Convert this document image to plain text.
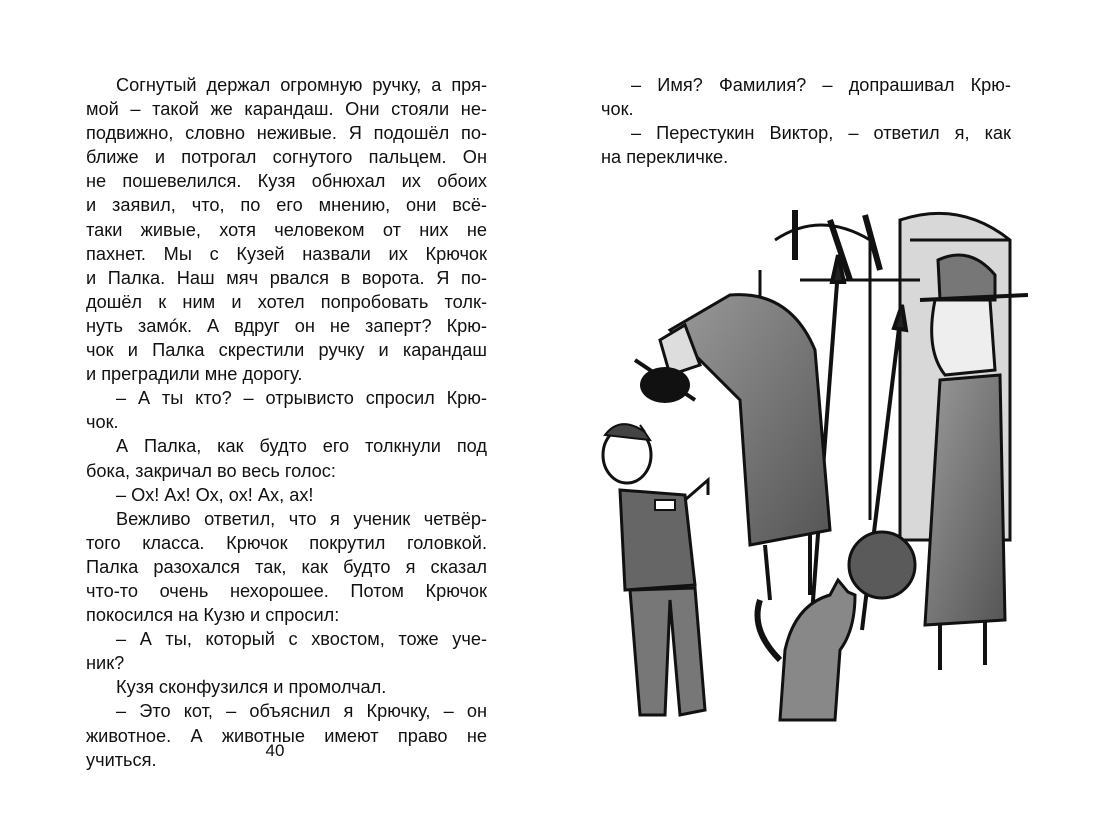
Согнутый держал огромную ручку, а пря-
мой – такой же карандаш. Они стояли не-
подвижно, словно неживые. Я подошёл по-
ближе и потрогал согнутого пальцем. Он
не пошевелился. Кузя обнюхал их обоих
и заявил, что, по его мнению, они всё-
таки живые, хотя человеком от них не
пахнет. Мы с Кузей назвали их Крючок
и Палка. Наш мяч рвался в ворота. Я по-
дошёл к ним и хотел попробовать толк-
нуть замóк. А вдруг он не заперт? Крю-
чок и Палка скрестили ручку и карандаш
и преградили мне дорогу.
– А ты кто? – отрывисто спросил Крю-
чок.
А Палка, как будто его толкнули под
бока, закричал во весь голос:
– Ох! Ах! Ох, ох! Ах, ах!
Вежливо ответил, что я ученик четвёр-
того класса. Крючок покрутил головкой.
Палка разохался так, как будто я сказал
что-то очень нехорошее. Потом Крючок
покосился на Кузю и спросил:
– А ты, который с хвостом, тоже уче-
ник?
Кузя сконфузился и промолчал.
– Это кот, – объяснил я Крючку, – он
животное. А животные имеют право не
учиться.	40
– Имя? Фамилия? – допрашивал Крю-
чок.
– Перестукин Виктор, – ответил я, как
на перекличке.
